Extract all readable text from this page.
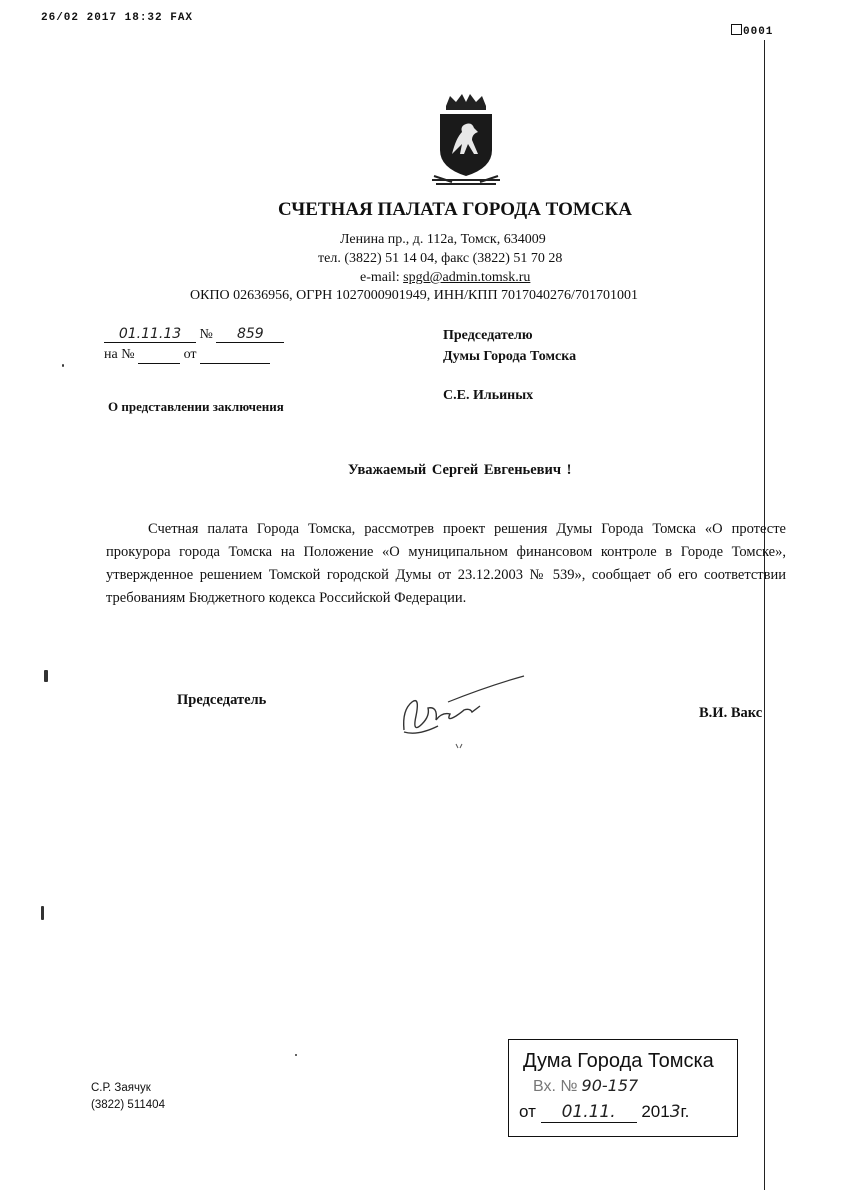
26/02 2017 18:32 FAX
0001
СЧЕТНАЯ ПАЛАТА ГОРОДА ТОМСКА
Ленина пр., д. 112а, Томск, 634009
тел. (3822) 51 14 04, факс (3822) 51 70 28
e-mail: spgd@admin.tomsk.ru
ОКПО 02636956, ОГРН 1027000901949, ИНН/КПП 7017040276/701701001
01.11.13 № 859
на №	от
Председателю
Думы Города Томска
С.Е. Ильиных
О представлении заключения
Уважаемый Сергей Евгеньевич !
Счетная палата Города Томска, рассмотрев проект решения Думы Города Томска «О протесте прокурора города Томска на Положение «О муниципальном финансовом контроле в Городе Томске», утвержденное решением Томской городской Думы от 23.12.2003 № 539», сообщает об его соответствии требованиям Бюджетного кодекса Российской Федерации.
Председатель
В.И. Вакс
С.Р. Заячук
(3822) 511404
Дума Города Томска
Вх. № 90-157
от 01.11. 2013г.
